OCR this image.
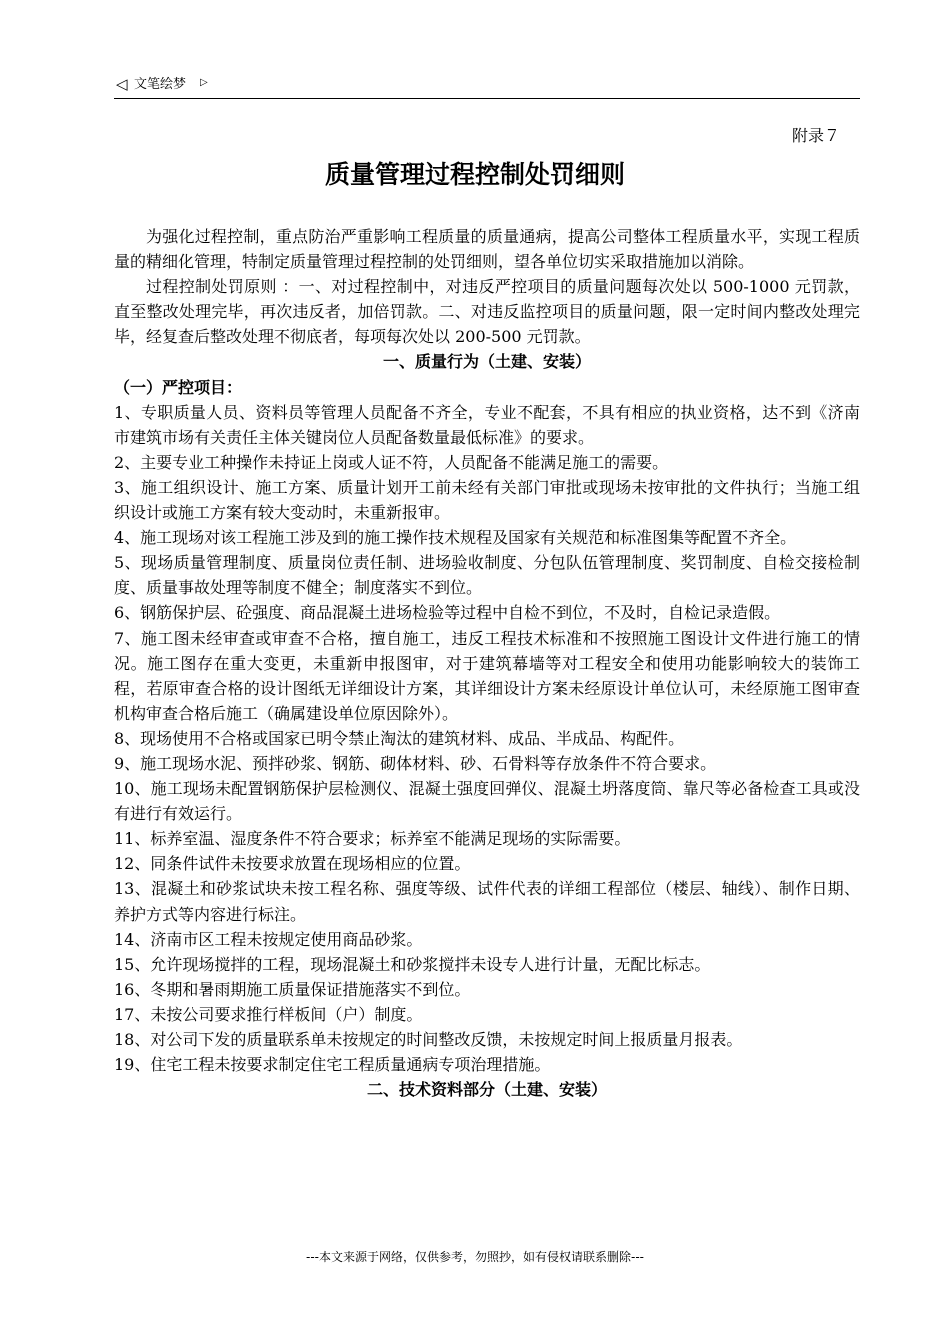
◁ 文笔绘梦 ▷
附录７
质量管理过程控制处罚细则

为强化过程控制，重点防治严重影响工程质量的质量通病，提高公司整体工程质量水平，实现工程质量的精细化管理，特制定质量管理过程控制的处罚细则，望各单位切实采取措施加以消除。

过程控制处罚原则 ：一、对过程控制中，对违反严控项目的质量问题每次处以 500-1000 元罚款，直至整改处理完毕，再次违反者，加倍罚款。二、对违反监控项目的质量问题，限一定时间内整改处理完毕，经复查后整改处理不彻底者，每项每次处以 200-500 元罚款。

一、质量行为（土建、安装）

（一）严控项目：

1、专职质量人员、资料员等管理人员配备不齐全，专业不配套，不具有相应的执业资格，达不到《济南市建筑市场有关责任主体关键岗位人员配备数量最低标准》的要求。

2、主要专业工种操作未持证上岗或人证不符，人员配备不能满足施工的需要。

3、施工组织设计、施工方案、质量计划开工前未经有关部门审批或现场未按审批的文件执行；当施工组织设计或施工方案有较大变动时，未重新报审。

4、施工现场对该工程施工涉及到的施工操作技术规程及国家有关规范和标准图集等配置不齐全。

5、现场质量管理制度、质量岗位责任制、进场验收制度、分包队伍管理制度、奖罚制度、自检交接检制度、质量事故处理等制度不健全；制度落实不到位。

6、钢筋保护层、砼强度、商品混凝土进场检验等过程中自检不到位，不及时，自检记录造假。

7、施工图未经审查或审查不合格，擅自施工，违反工程技术标准和不按照施工图设计文件进行施工的情况。施工图存在重大变更，未重新申报图审，对于建筑幕墙等对工程安全和使用功能影响较大的装饰工程，若原审查合格的设计图纸无详细设计方案，其详细设计方案未经原设计单位认可，未经原施工图审查机构审查合格后施工（确属建设单位原因除外）。

8、现场使用不合格或国家已明令禁止淘汰的建筑材料、成品、半成品、构配件。

9、施工现场水泥、预拌砂浆、钢筋、砌体材料、砂、石骨料等存放条件不符合要求。

10、施工现场未配置钢筋保护层检测仪、混凝土强度回弹仪、混凝土坍落度筒、靠尺等必备检查工具或没有进行有效运行。

11、标养室温、湿度条件不符合要求；标养室不能满足现场的实际需要。

12、同条件试件未按要求放置在现场相应的位置。

13、混凝土和砂浆试块未按工程名称、强度等级、试件代表的详细工程部位（楼层、轴线）、制作日期、养护方式等内容进行标注。

14、济南市区工程未按规定使用商品砂浆。

15、允许现场搅拌的工程，现场混凝土和砂浆搅拌未设专人进行计量，无配比标志。

16、冬期和暑雨期施工质量保证措施落实不到位。

17、未按公司要求推行样板间（户）制度。

18、对公司下发的质量联系单未按规定的时间整改反馈，未按规定时间上报质量月报表。

19、住宅工程未按要求制定住宅工程质量通病专项治理措施。

二、技术资料部分（土建、安装）

---本文来源于网络，仅供参考，勿照抄，如有侵权请联系删除---
